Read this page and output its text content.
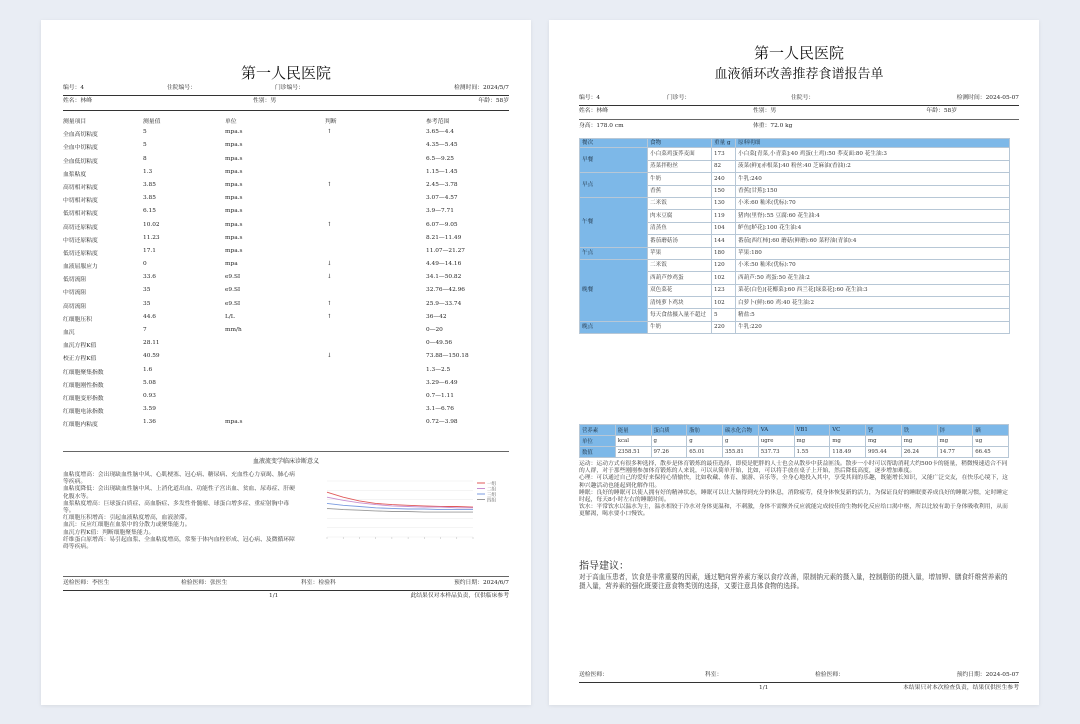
第一人民医院
编号：4	住院编号：	门诊编号：	检测时间：2024/5/7
姓名：林峰	性别：男	年龄：58岁
测量项目	测量值	单位	判断	参考范围
全血高切粘度	5	mpa.s	↑	3.65—4.4
全血中切粘度	5	mpa.s	4.35—5.45
全血低切粘度	8	mpa.s	6.5—9.25
血浆粘度	1.3	mpa.s	1.15—1.45
高切相对粘度	3.85	mpa.s	↑	2.45—3.78
中切相对粘度	3.85	mpa.s	3.07—4.57
低切相对粘度	6.15	mpa.s	3.9—7.71
高切还原粘度	10.02	mpa.s	↑	6.07—9.05
中切还原粘度	11.23	mpa.s	8.21—11.49
低切还原粘度	17.1	mpa.s	11.07—21.27
血液屈服应力	0	mpa	↓	4.49—14.16
低切流阻	33.6	e9.SI	↓	34.1—50.82
中切流阻	35	e9.SI	32.76—42.96
高切流阻	35	e9.SI	↑	25.9—33.74
红细胞压积	44.6	L/L	↑	36—42
血沉	7	mm/h	0—20
血沉方程K值	28.11	0—49.56
校正方程K值	40.59	↓	73.88—150.18
红细胞聚集指数	1.6	1.3—2.5
红细胞刚性指数	5.08	3.29—6.49
红细胞变形指数	0.93	0.7—1.11
红细胞电泳指数	3.59	3.1—6.76
红细胞内粘度	1.36	mpa.s	0.72—3.98
血液流变学临床诊断意义

血粘度增高：会出现缺血性脑中风、心肌梗塞、冠心病、糖尿病、充血性心力衰竭、肺心病等疾病。

血粘度降低：会出现缺血性脑中风、上消化道出血、功能性子宫出血、贫血、尿毒症、肝硬化腹水等。

血浆粘度增高：巨球蛋白质症、高血脂症、多发性骨髓瘤、球蛋白增多症、重症射胸中毒等。

红细胞压积增高：引起血液粘度增高，血液淤滞。

血沉：反应红细胞在血浆中的分散力或聚集能力。

血沉方程K值：判断细胞聚集能力。

纤维蛋白原增高：易引起血浆、全血粘度增高，常鉴于体内血栓形成、冠心病、及微循环障碍等疾病。

一组
二组
三组
四组
送检医师：李医生	检验医师：张医生	科室：检验科	预约日期：2024/6/7
1/1	此结果仅对本样品负责，仅供临床参考
第一人民医院
血液循环改善推荐食谱报告单
编号：4	门诊号：	住院号：	检测时间：2024-05-07
姓名：林峰	性别：男	年龄：58岁
身高：178.0 cm	体重：72.0 kg
餐次	食物	重量 g	原料明细
早餐	小白菜鸡蛋荞麦面	173	小白菜[青菜,小青菜]:40 鸡蛋(土鸡):50 荞麦面:80 花生油:3
	蒸菜拌粉丝	82	菠菜(鲜)[赤根菜]:40 粉丝:40 芝麻油(香油):2
早点	牛奶	240	牛乳:240
	香蕉	150	香蕉[甘蕉]:150
午餐	二米饭	130	小米:60 籼米(优标):70
	肉末豆腐	119	猪肉(里脊):55 豆腐:60 花生油:4
	清蒸鱼	104	鲈鱼[鲈花]:100 花生油:4
	番茄蘑菇汤	144	番茄[西红柿]:60 蘑菇(鲜蘑):60 菜籽油(青油):4
午点	苹果	180	苹果:180
晚餐	二米饭	120	小米:50 籼米(优标):70
	西葫芦炒鸡蛋	102	西葫芦:50 鸡蛋:50 花生油:2
	双色菜花	123	菜花(白色)[花椰菜]:60 西兰花[绿菜花]:60 花生油:3
	清炖萝卜鸡块	102	白萝卜(鲜):60 鸡:40 花生油:2
	每天食盐摄入量不超过	5	精盐:5
晚点	牛奶	220	牛乳:220
营养素	能量	蛋白质	脂肪	碳水化合物	VA	VB1	VC	钙	铁	锌	硒
单位	kcal	g	g	g	ugre	mg	mg	mg	mg	mg	ug
数值	2358.51	97.26	65.01	355.81	537.73	1.55	118.49	995.44	26.24	14.77	66.45

运动：运动方式有很多种选择，散步是体育锻炼的最佳选择，即使是肥胖的人士也会从散步中获益匪浅。散步一小时可以帮助消耗大约500卡的能量，稍微慢速适合不同的人群，对于那些刚刚参加体育锻炼的人来说，可以从简单开始，比如，可以将手放在桌子上开始，然后降低高度，逐步增加难度。

心理：可以通过自己的爱好来保持心情愉快，比如收藏、体育、旅游、音乐等，全身心地投入其中，享受其间的乐趣，既能增长知识，又能广泛交友，在快乐心境下，这种兴趣活动也能起到化解作用。

睡眠：良好的睡眠可以使人拥有好的精神状态，睡眠可以让大脑得到充分的休息，消除疲劳，使身体恢复新的活力，为保证良好的睡眠要养成良好的睡眠习惯，定时睡定时起，每天8小时左右的睡眠时间。

饮水：平常饮水以温水为主，温水相较于冷水对身体更温和，不刺激，身体不需额外反应就能完成较佳的生物转化反应给口渴中枢，所以比较有助于身体吸收利用，从而更解渴，喝水要小口慢饮。

指导建议：
对于高血压患者，饮食是非常重要的因素，通过靶向营养素方案以食疗改善，限制钠元素的摄入量，控制脂肪的摄入量，增加钾、膳食纤维营养素的摄入量，营养素的强化既要注意食物类别的选择，又要注意具体食物的选择。
送检医师：	科室：	检验医师：	预约日期：2024-05-07
1/1	本结果只对本次检查负责，结果仅供医生参考
